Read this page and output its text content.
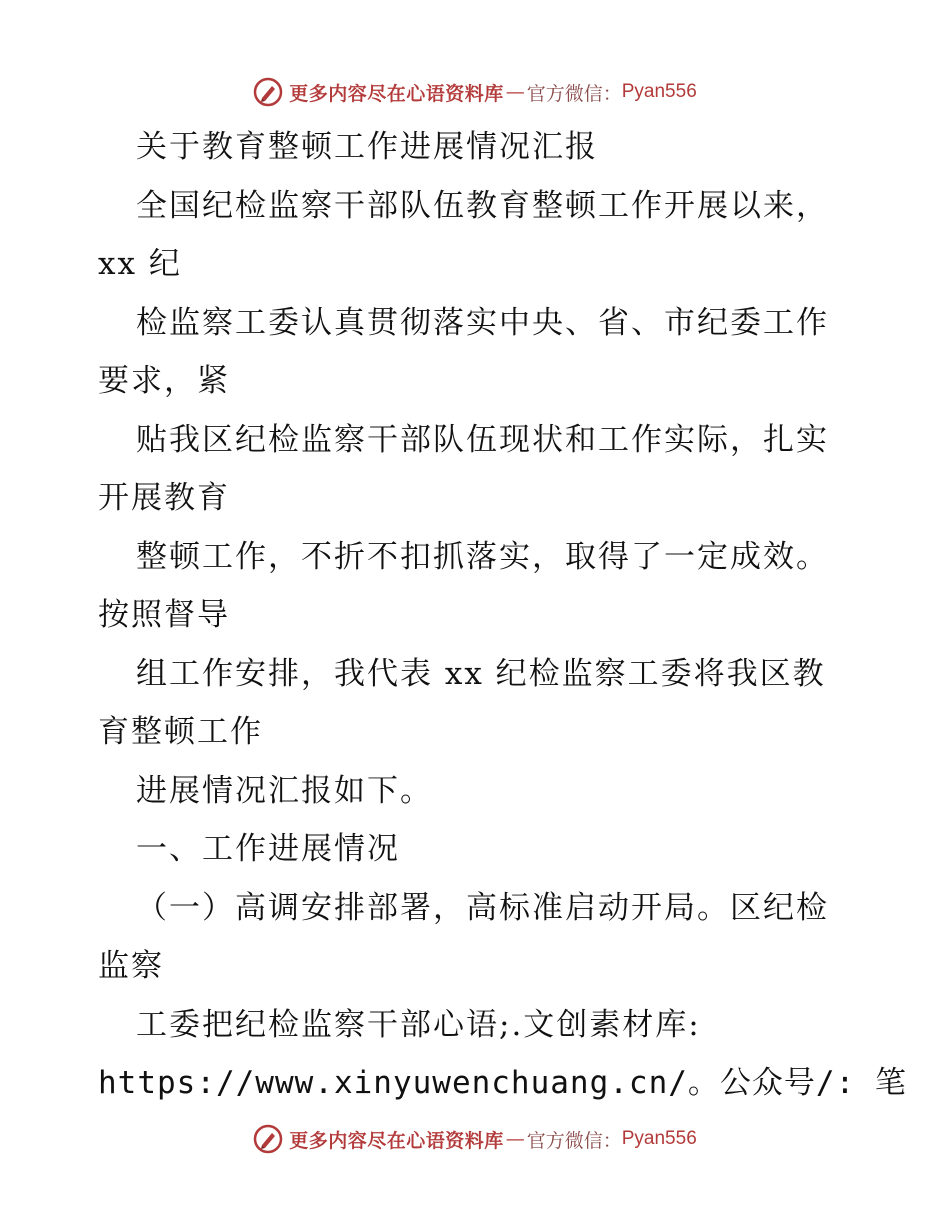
更多内容尽在心语资料库 — 官方微信： Pyan556
关于教育整顿工作进展情况汇报
全国纪检监察干部队伍教育整顿工作开展以来，
xx 纪
检监察工委认真贯彻落实中央、省、市纪委工作
要求，紧
贴我区纪检监察干部队伍现状和工作实际，扎实
开展教育
整顿工作，不折不扣抓落实，取得了一定成效。
按照督导
组工作安排，我代表 xx 纪检监察工委将我区教
育整顿工作
进展情况汇报如下。
一、工作进展情况
（一）高调安排部署，高标准启动开局。区纪检
监察
工委把纪检监察干部心语;.文创素材库:
https://www.xinyuwenchuang.cn/。公众号/: 笔
更多内容尽在心语资料库 — 官方微信： Pyan556
